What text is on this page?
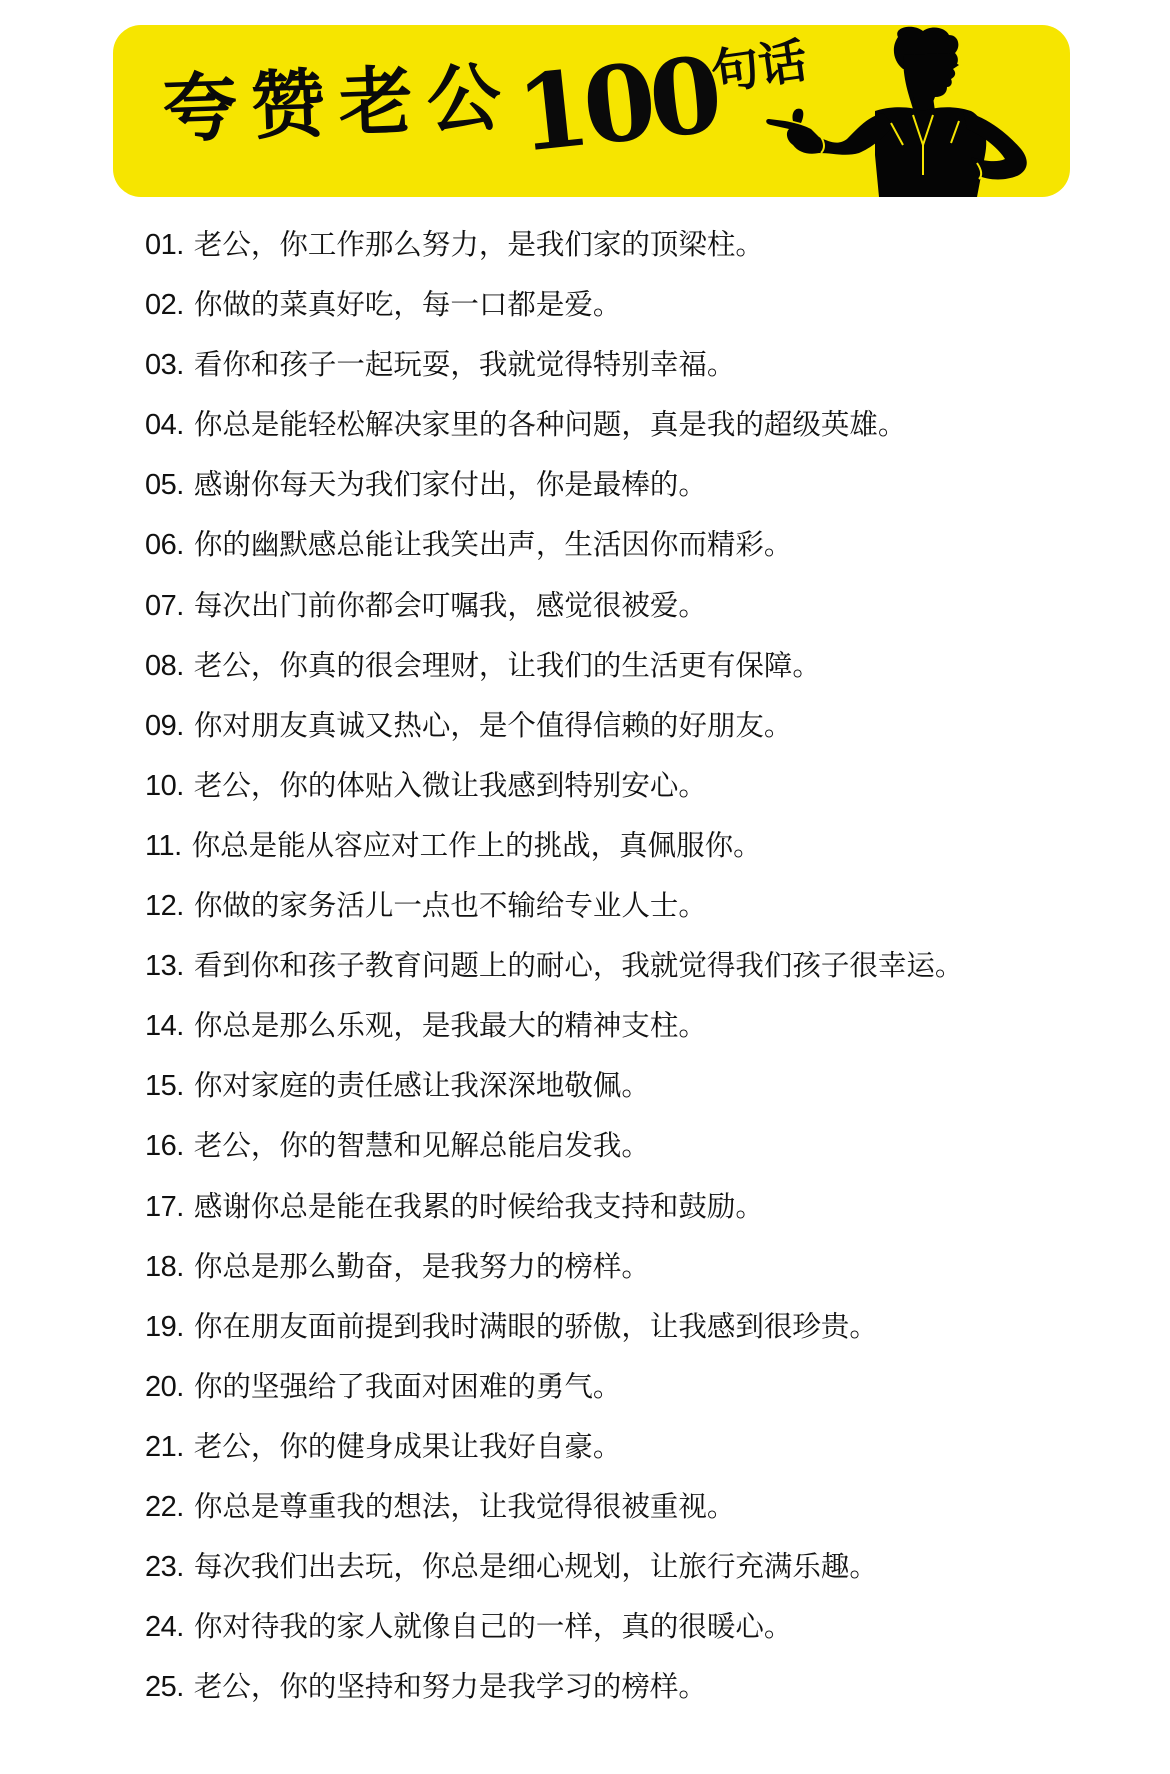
夸赞老公
100
句话
01. 老公，你工作那么努力，是我们家的顶梁柱。
02. 你做的菜真好吃，每一口都是爱。
03. 看你和孩子一起玩耍，我就觉得特别幸福。
04. 你总是能轻松解决家里的各种问题，真是我的超级英雄。
05. 感谢你每天为我们家付出，你是最棒的。
06. 你的幽默感总能让我笑出声，生活因你而精彩。
07. 每次出门前你都会叮嘱我，感觉很被爱。
08. 老公，你真的很会理财，让我们的生活更有保障。
09. 你对朋友真诚又热心，是个值得信赖的好朋友。
10. 老公，你的体贴入微让我感到特别安心。
11. 你总是能从容应对工作上的挑战，真佩服你。
12. 你做的家务活儿一点也不输给专业人士。
13. 看到你和孩子教育问题上的耐心，我就觉得我们孩子很幸运。
14. 你总是那么乐观，是我最大的精神支柱。
15. 你对家庭的责任感让我深深地敬佩。
16. 老公，你的智慧和见解总能启发我。
17. 感谢你总是能在我累的时候给我支持和鼓励。
18. 你总是那么勤奋，是我努力的榜样。
19. 你在朋友面前提到我时满眼的骄傲，让我感到很珍贵。
20. 你的坚强给了我面对困难的勇气。
21. 老公，你的健身成果让我好自豪。
22. 你总是尊重我的想法，让我觉得很被重视。
23. 每次我们出去玩，你总是细心规划，让旅行充满乐趣。
24. 你对待我的家人就像自己的一样，真的很暖心。
25. 老公，你的坚持和努力是我学习的榜样。
